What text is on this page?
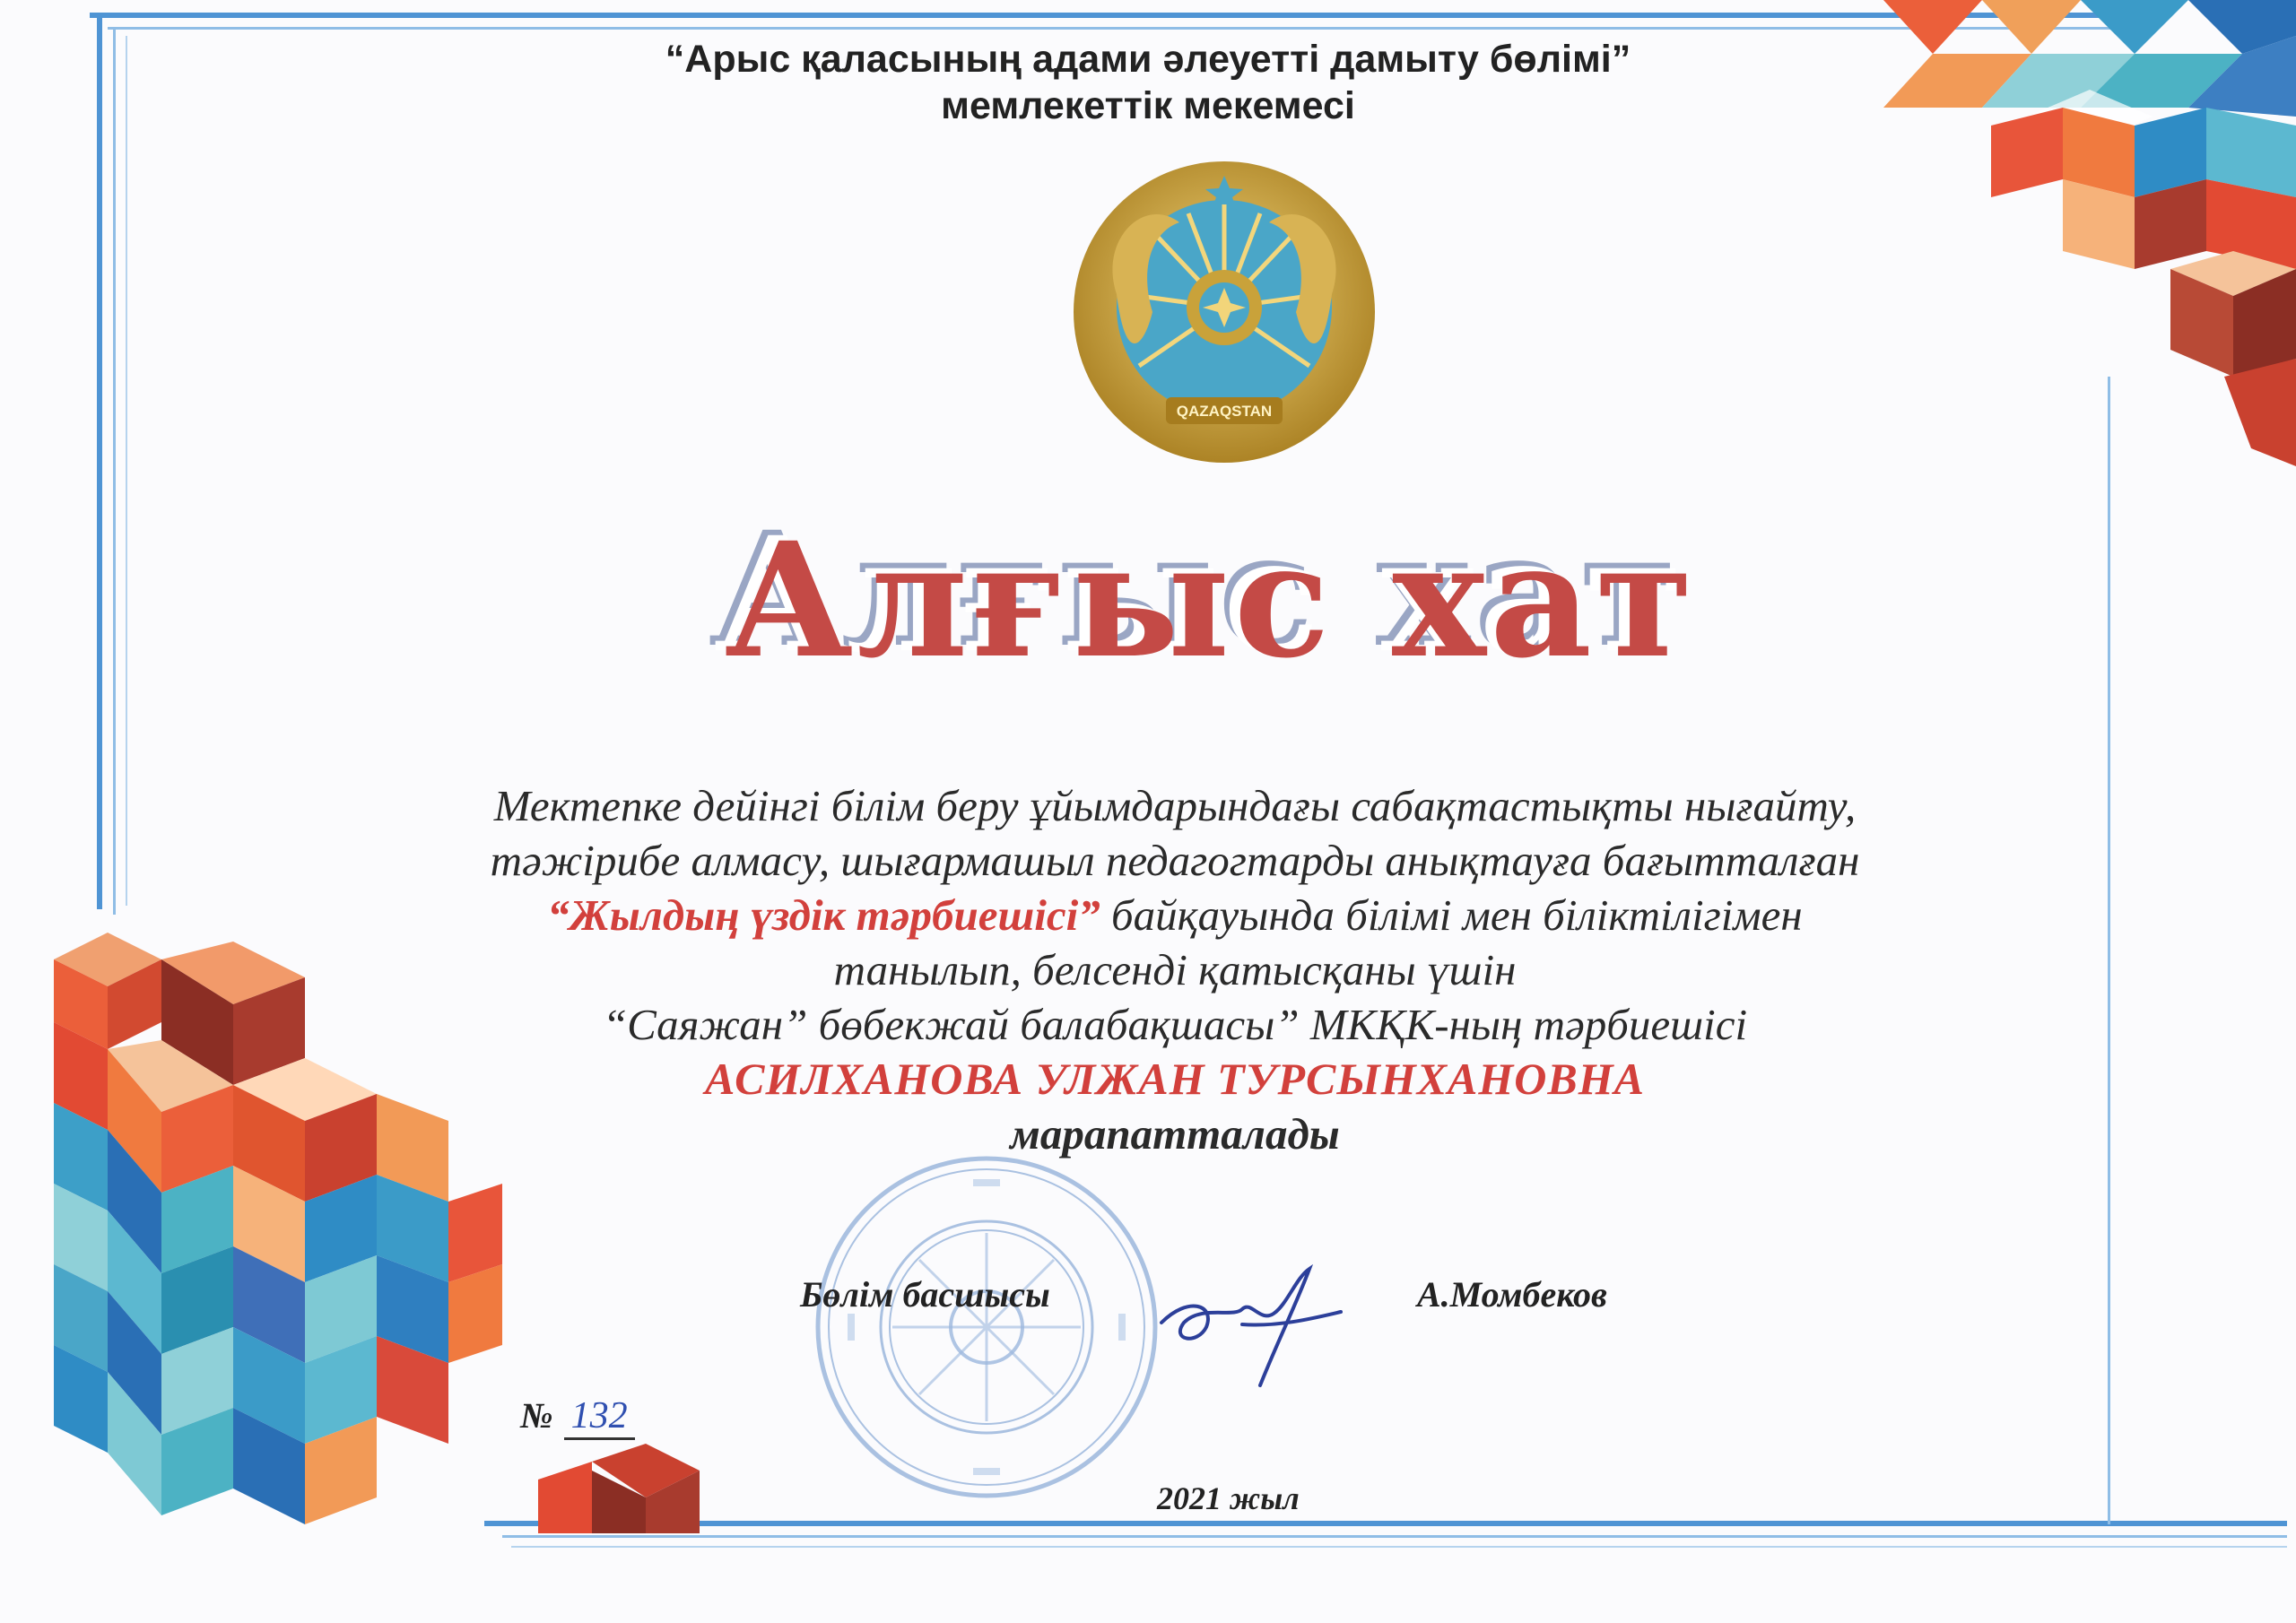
“Арыс қаласының адами әлеуетті дамыту бөлімі”
мемлекеттік мекемесі
QAZAQSTAN
Алғыс хат
Мектепке дейінгі білім беру ұйымдарындағы сабақтастықты нығайту,
тәжірибе алмасу, шығармашыл педагогтарды анықтауға бағытталған
“Жылдың үздік тәрбиешісі” байқауында білімі мен біліктілігімен
танылып, белсенді қатысқаны үшін
“Саяжан” бөбекжай балабақшасы” МКҚК-ның тәрбиешісі
АСИЛХАНОВА УЛЖАН ТУРСЫНХАНОВНА
марапатталады
Бөлім басшысы	А.Момбеков
№ 132
2021 жыл
